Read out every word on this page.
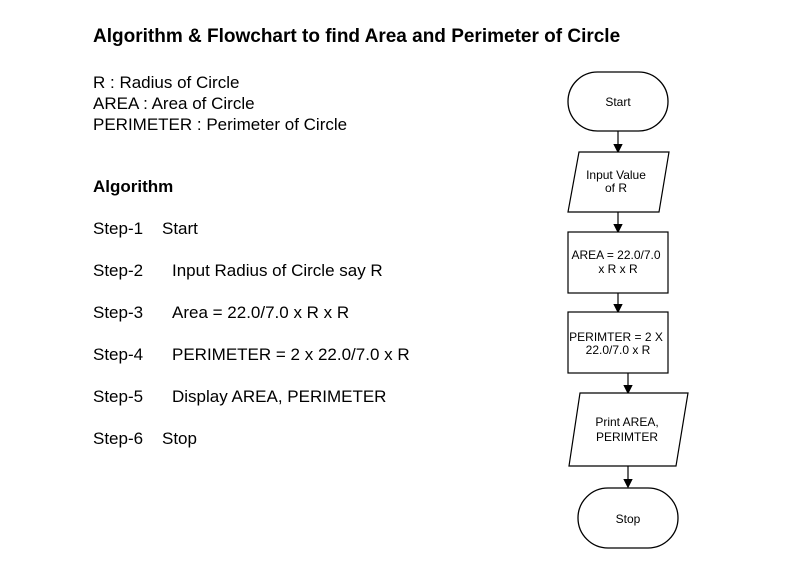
Algorithm & Flowchart to find Area and Perimeter of Circle
R : Radius of Circle
AREA : Area of Circle
PERIMETER : Perimeter of Circle
Algorithm
Step-1 Start
Step-2 Input Radius of Circle say R
Step-3 Area = 22.0/7.0 x R x R
Step-4 PERIMETER = 2 x 22.0/7.0 x R
Step-5 Display AREA, PERIMETER
Step-6 Stop
Start
Input Value
of R
AREA = 22.0/7.0
x R x R
PERIMTER = 2 X
22.0/7.0 x R
Print AREA,
PERIMTER
Stop
